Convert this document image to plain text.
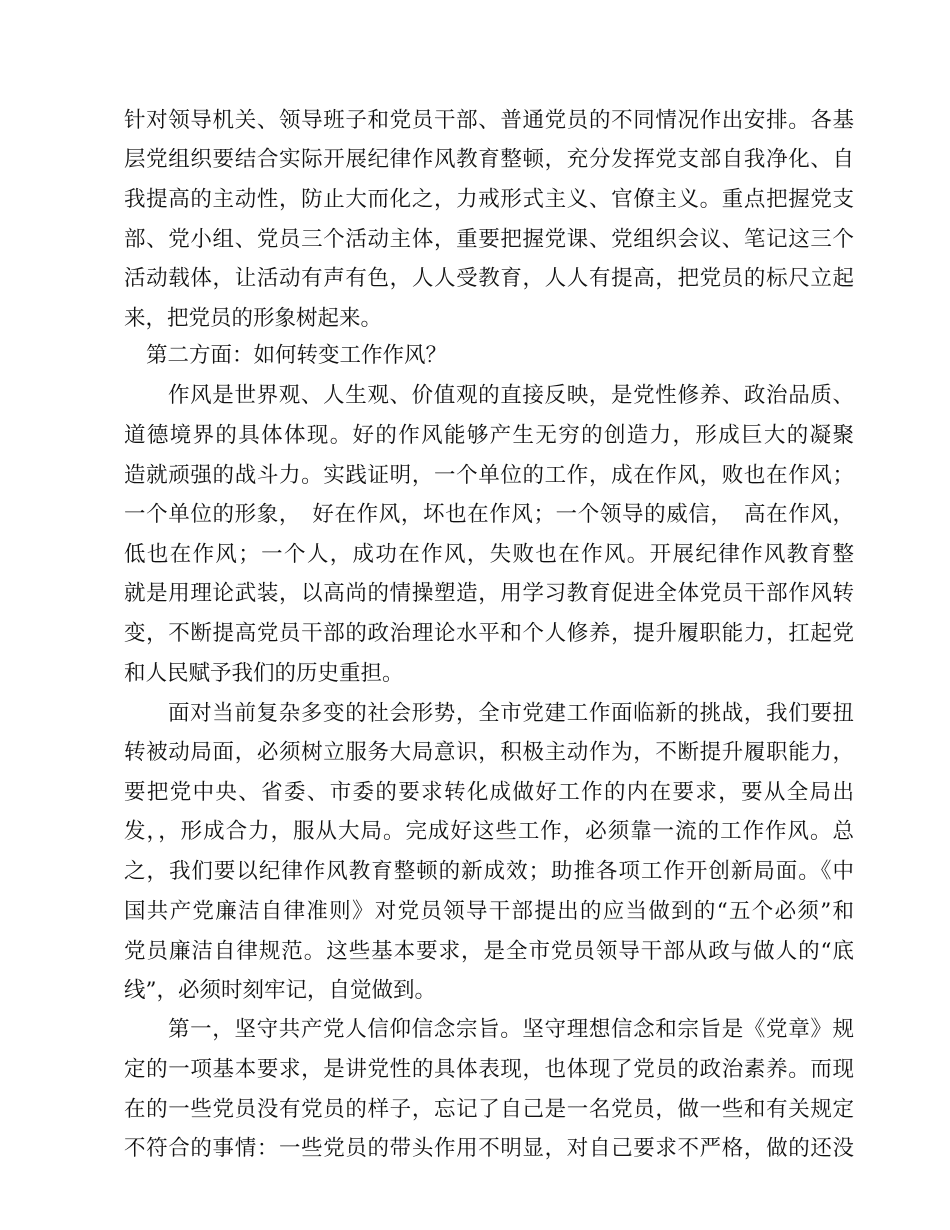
针对领导机关、领导班子和党员干部、普通党员的不同情况作出安排。各基
层党组织要结合实际开展纪律作风教育整顿，充分发挥党支部自我净化、自
我提高的主动性，防止大而化之，力戒形式主义、官僚主义。重点把握党支
部、党小组、党员三个活动主体，重要把握党课、党组织会议、笔记这三个
活动载体，让活动有声有色，人人受教育，人人有提高，把党员的标尺立起
来，把党员的形象树起来。
第二方面：如何转变工作作风？
作风是世界观、人生观、价值观的直接反映，是党性修养、政治品质、
道德境界的具体体现。好的作风能够产生无穷的创造力，形成巨大的凝聚
造就顽强的战斗力。实践证明，一个单位的工作，成在作风，败也在作风；
一个单位的形象，　好在作风，坏也在作风；一个领导的威信，　高在作风，
低也在作风；一个人，成功在作风，失败也在作风。开展纪律作风教育整
就是用理论武装，以高尚的情操塑造，用学习教育促进全体党员干部作风转
变，不断提高党员干部的政治理论水平和个人修养，提升履职能力，扛起党
和人民赋予我们的历史重担。
面对当前复杂多变的社会形势，全市党建工作面临新的挑战，我们要扭
转被动局面，必须树立服务大局意识，积极主动作为，不断提升履职能力，
要把党中央、省委、市委的要求转化成做好工作的内在要求，要从全局出
发，，形成合力，服从大局。完成好这些工作，必须靠一流的工作作风。总
之，我们要以纪律作风教育整顿的新成效；助推各项工作开创新局面。《中
国共产党廉洁自律准则》对党员领导干部提出的应当做到的“五个必须”和
党员廉洁自律规范。这些基本要求，是全市党员领导干部从政与做人的“底
线”，必须时刻牢记，自觉做到。
第一，坚守共产党人信仰信念宗旨。坚守理想信念和宗旨是《党章》规
定的一项基本要求，是讲党性的具体表现，也体现了党员的政治素养。而现
在的一些党员没有党员的样子，忘记了自己是一名党员，做一些和有关规定
不符合的事情：一些党员的带头作用不明显，对自己要求不严格，做的还没
